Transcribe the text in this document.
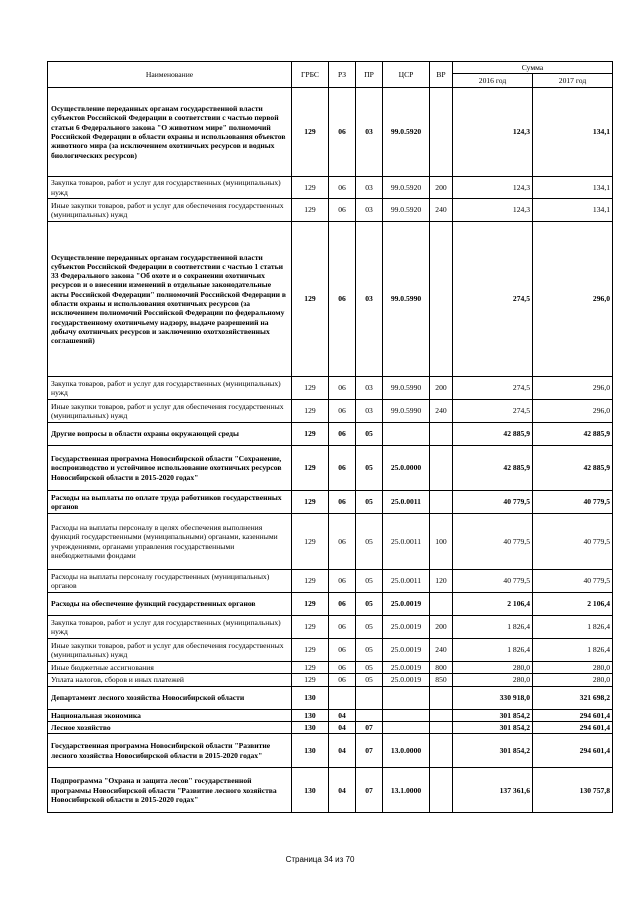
Наименование	ГРБС	РЗ	ПР	ЦСР	ВР	Сумма	
						2016 год	2017 год
Осуществление переданных органам государственной власти субъектов Российской Федерации в соответствии с частью первой статьи 6 Федерального закона "О животном мире" полномочий Российской Федерации в области охраны и использования объектов животного мира (за исключением охотничьих ресурсов и водных биологических ресурсов)	129	06	03	99.0.5920		124,3	134,1
Закупка товаров, работ и услуг для государственных (муниципальных) нужд	129	06	03	99.0.5920	200	124,3	134,1
Иные закупки товаров, работ и услуг для обеспечения государственных (муниципальных) нужд	129	06	03	99.0.5920	240	124,3	134,1
Осуществление переданных органам государственной власти субъектов Российской Федерации в соответствии с частью 1 статьи 33 Федерального закона "Об охоте и о сохранении охотничьих ресурсов и о внесении изменений в отдельные законодательные акты Российской Федерации" полномочий Российской Федерации в области охраны и использования охотничьих ресурсов (за исключением полномочий Российской Федерации по федеральному государственному охотничьему надзору, выдаче разрешений на добычу охотничьих ресурсов и заключению охотхозяйственных соглашений)	129	06	03	99.0.5990		274,5	296,0
Закупка товаров, работ и услуг для государственных (муниципальных) нужд	129	06	03	99.0.5990	200	274,5	296,0
Иные закупки товаров, работ и услуг для обеспечения государственных (муниципальных) нужд	129	06	03	99.0.5990	240	274,5	296,0
Другие вопросы в области охраны окружающей среды	129	06	05			42 885,9	42 885,9
Государственная программа Новосибирской области "Сохранение, воспроизводство и устойчивое использование охотничьих ресурсов Новосибирской области в 2015-2020 годах"	129	06	05	25.0.0000		42 885,9	42 885,9
Расходы на выплаты по оплате труда работников государственных органов	129	06	05	25.0.0011		40 779,5	40 779,5
Расходы на выплаты персоналу в целях обеспечения выполнения функций государственными (муниципальными) органами, казенными учреждениями, органами управления государственными внебюджетными фондами	129	06	05	25.0.0011	100	40 779,5	40 779,5
Расходы на выплаты персоналу государственных (муниципальных) органов	129	06	05	25.0.0011	120	40 779,5	40 779,5
Расходы на обеспечение функций государственных органов	129	06	05	25.0.0019		2 106,4	2 106,4
Закупка товаров, работ и услуг для государственных (муниципальных) нужд	129	06	05	25.0.0019	200	1 826,4	1 826,4
Иные закупки товаров, работ и услуг для обеспечения государственных (муниципальных) нужд	129	06	05	25.0.0019	240	1 826,4	1 826,4
Иные бюджетные ассигнования	129	06	05	25.0.0019	800	280,0	280,0
Уплата налогов, сборов и иных платежей	129	06	05	25.0.0019	850	280,0	280,0
Департамент лесного хозяйства Новосибирской области	130					330 918,0	321 698,2
Национальная экономика	130	04				301 854,2	294 601,4
Лесное хозяйство	130	04	07			301 854,2	294 601,4
Государственная программа Новосибирской области "Развитие лесного хозяйства Новосибирской области в 2015-2020 годах"	130	04	07	13.0.0000		301 854,2	294 601,4
Подпрограмма "Охрана и защита лесов" государственной программы Новосибирской области "Развитие лесного хозяйства Новосибирской области в 2015-2020 годах"	130	04	07	13.1.0000		137 361,6	130 757,8
Страница 34 из 70
